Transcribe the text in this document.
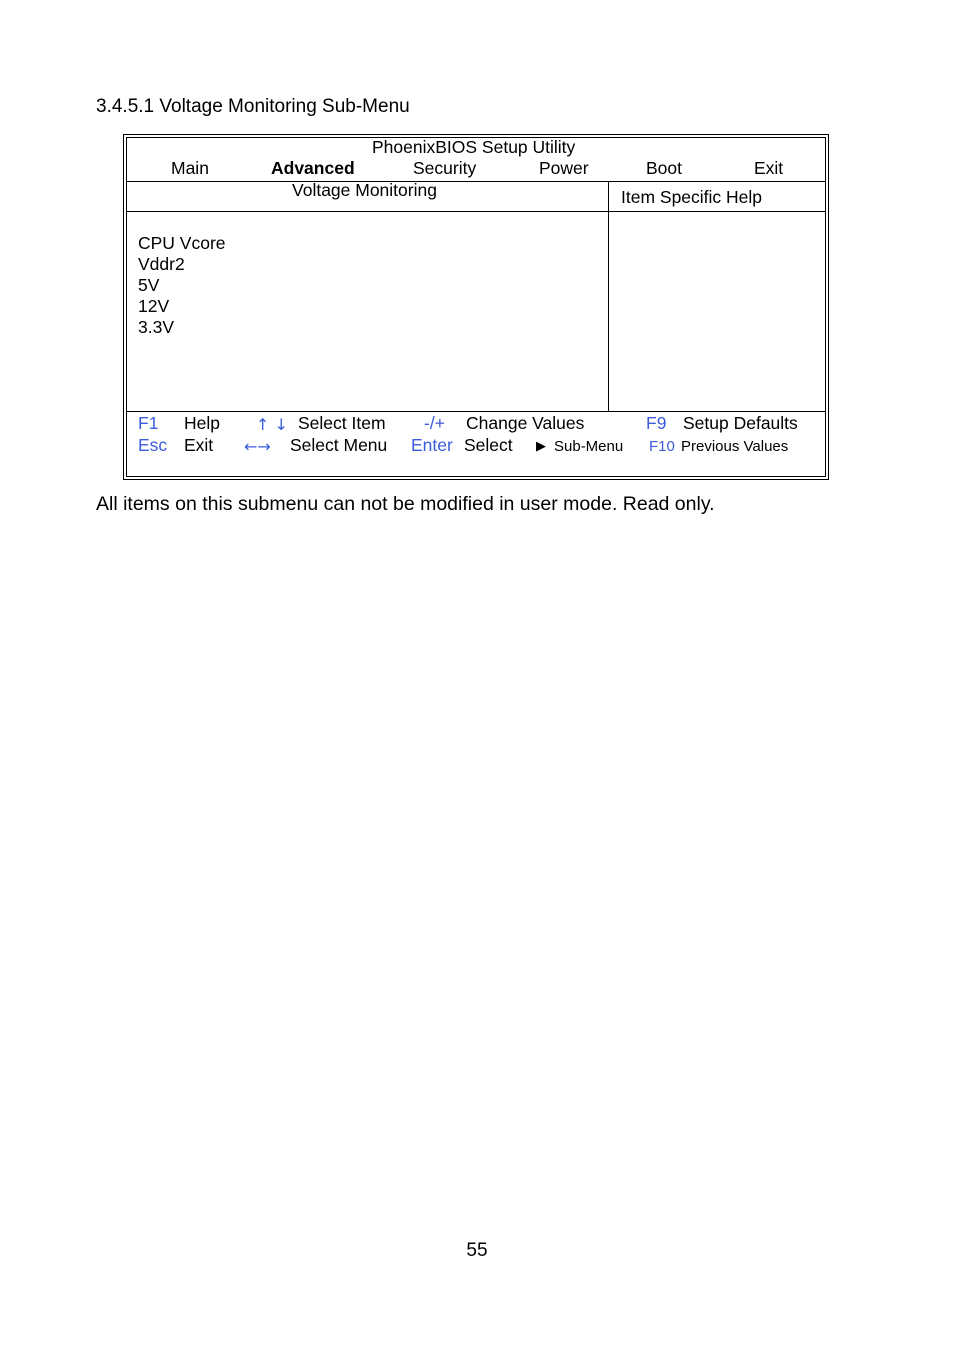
3.4.5.1 Voltage Monitoring Sub-Menu
PhoenixBIOS Setup Utility
Main	Advanced	Security	Power	Boot	Exit
Voltage Monitoring	Item Specific Help
CPU Vcore
Vddr2
5V
12V
3.3V
F1 Help ↑ ↓ Select Item -/+ Change Values	F9 Setup Defaults
Esc Exit ←→ Select Menu Enter Select ▶ Sub-Menu F10 Previous Values
All items on this submenu can not be modified in user mode. Read only.
55
